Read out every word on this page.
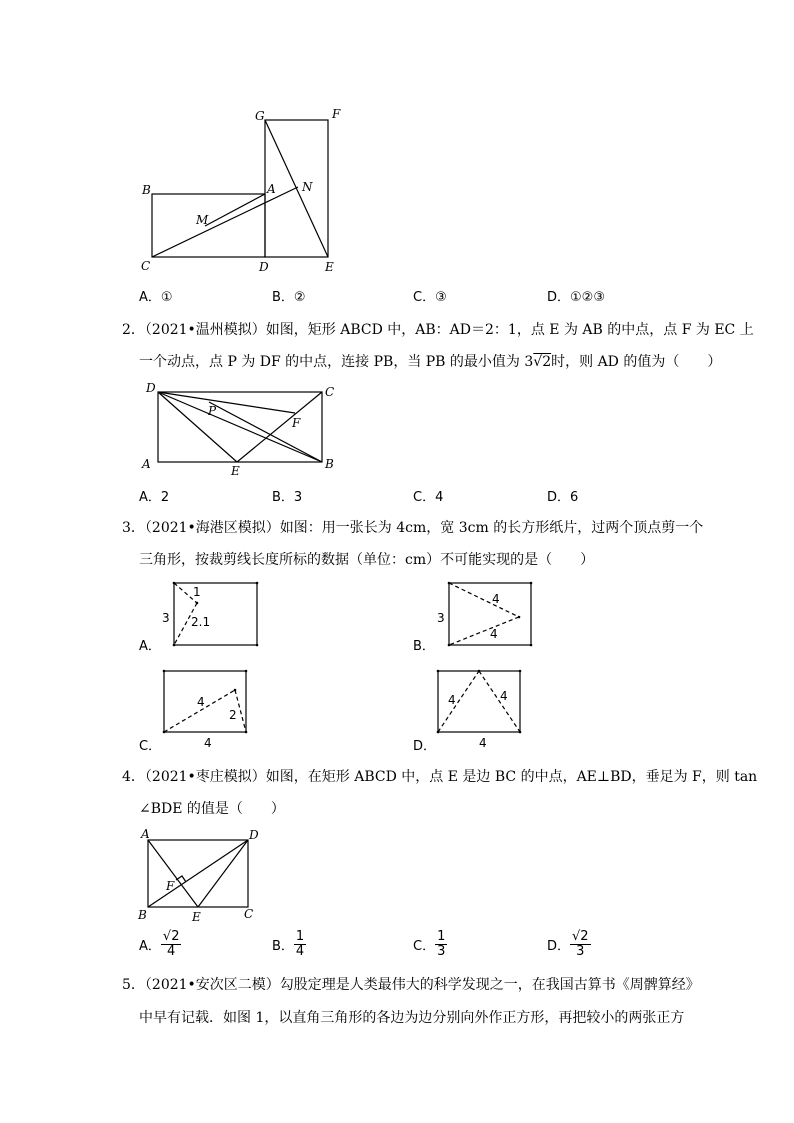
G	F
B	A N
M
C	D	E
A．①	B．②	C．③	D．①②③
2．（2021•温州模拟）如图，矩形 ABCD 中，AB：AD＝2：1，点 E 为 AB 的中点，点 F 为 EC 上
一个动点，点 P 为 DF 的中点，连接 PB，当 PB 的最小值为 3√2时，则 AD 的值为（　　）
D	C
P
F
A	E	B
A．2	B．3	C．4	D．6
3．（2021•海港区模拟）如图：用一张长为 4cm，宽 3cm 的长方形纸片，过两个顶点剪一个
三角形，按裁剪线长度所标的数据（单位：cm）不可能实现的是（　　）
3
1
2.1	3
4
4
4
2
4
4	4
4
A．	B．
C．	D．
4．（2021•枣庄模拟）如图，在矩形 ABCD 中，点 E 是边 BC 的中点，AE⊥BD，垂足为 F，则 tan
∠BDE 的值是（　　）
A	D
F
B	E	C
A． $\frac{√2}{4}$	B． $\frac{1}{4}$	C． $\frac{1}{3}$	D． $\frac{√2}{3}$
5．（2021•安次区二模）勾股定理是人类最伟大的科学发现之一，在我国古算书《周髀算经》
中早有记载．如图 1，以直角三角形的各边为边分别向外作正方形，再把较小的两张正方
